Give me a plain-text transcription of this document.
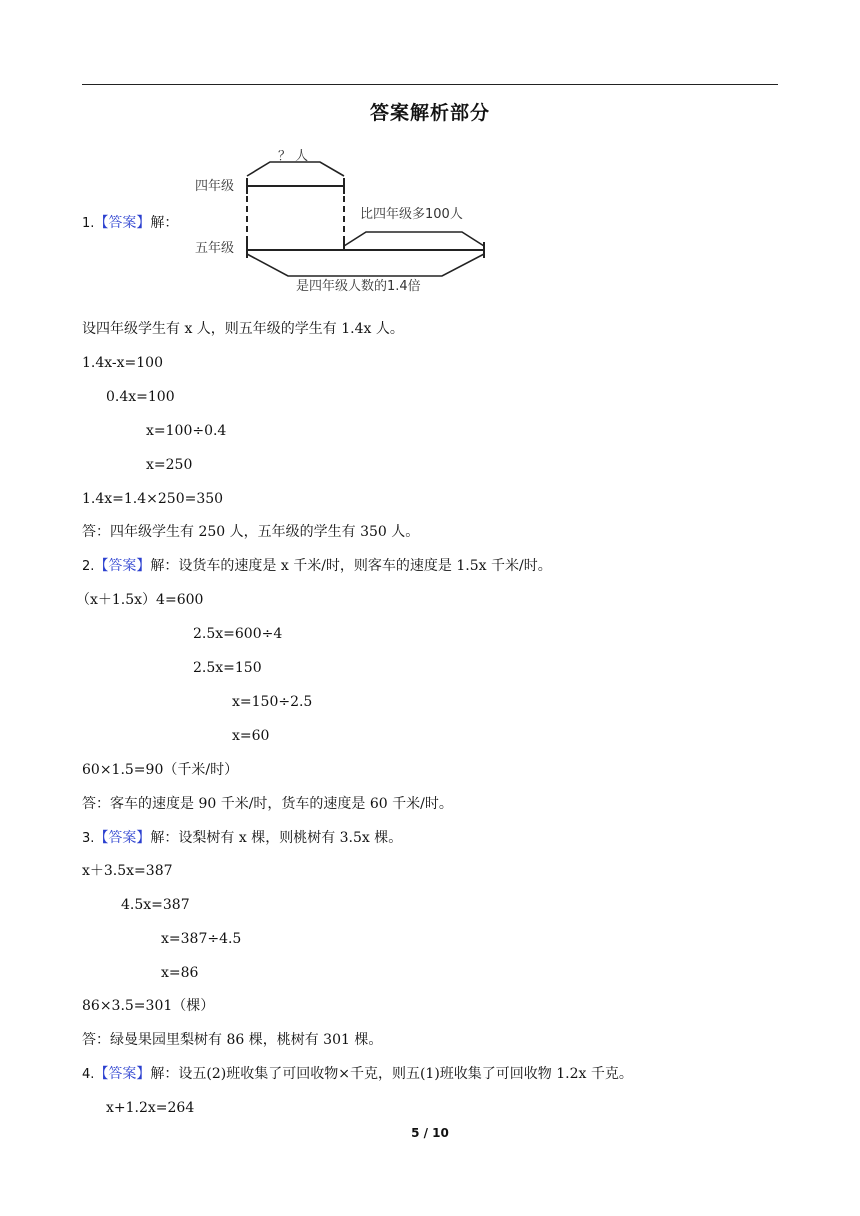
答案解析部分
1.【答案】解：
四年级
五年级
？ 人
比四年级多100人
是四年级人数的1.4倍
设四年级学生有 x 人，则五年级的学生有 1.4x 人。
1.4x-x=100
0.4x=100
x=100÷0.4
x=250
1.4x=1.4×250=350
答：四年级学生有 250 人，五年级的学生有 350 人。
2.【答案】解：设货车的速度是 x 千米/时，则客车的速度是 1.5x 千米/时。
（x＋1.5x）4=600
2.5x=600÷4
2.5x=150
x=150÷2.5
x=60
60×1.5=90（千米/时）
答：客车的速度是 90 千米/时，货车的速度是 60 千米/时。
3.【答案】解：设梨树有 x 棵，则桃树有 3.5x 棵。
x＋3.5x=387
4.5x=387
x=387÷4.5
x=86
86×3.5=301（棵）
答：绿曼果园里梨树有 86 棵，桃树有 301 棵。
4.【答案】解：设五(2)班收集了可回收物×千克，则五(1)班收集了可回收物 1.2x 千克。
x+1.2x=264
5 / 10
